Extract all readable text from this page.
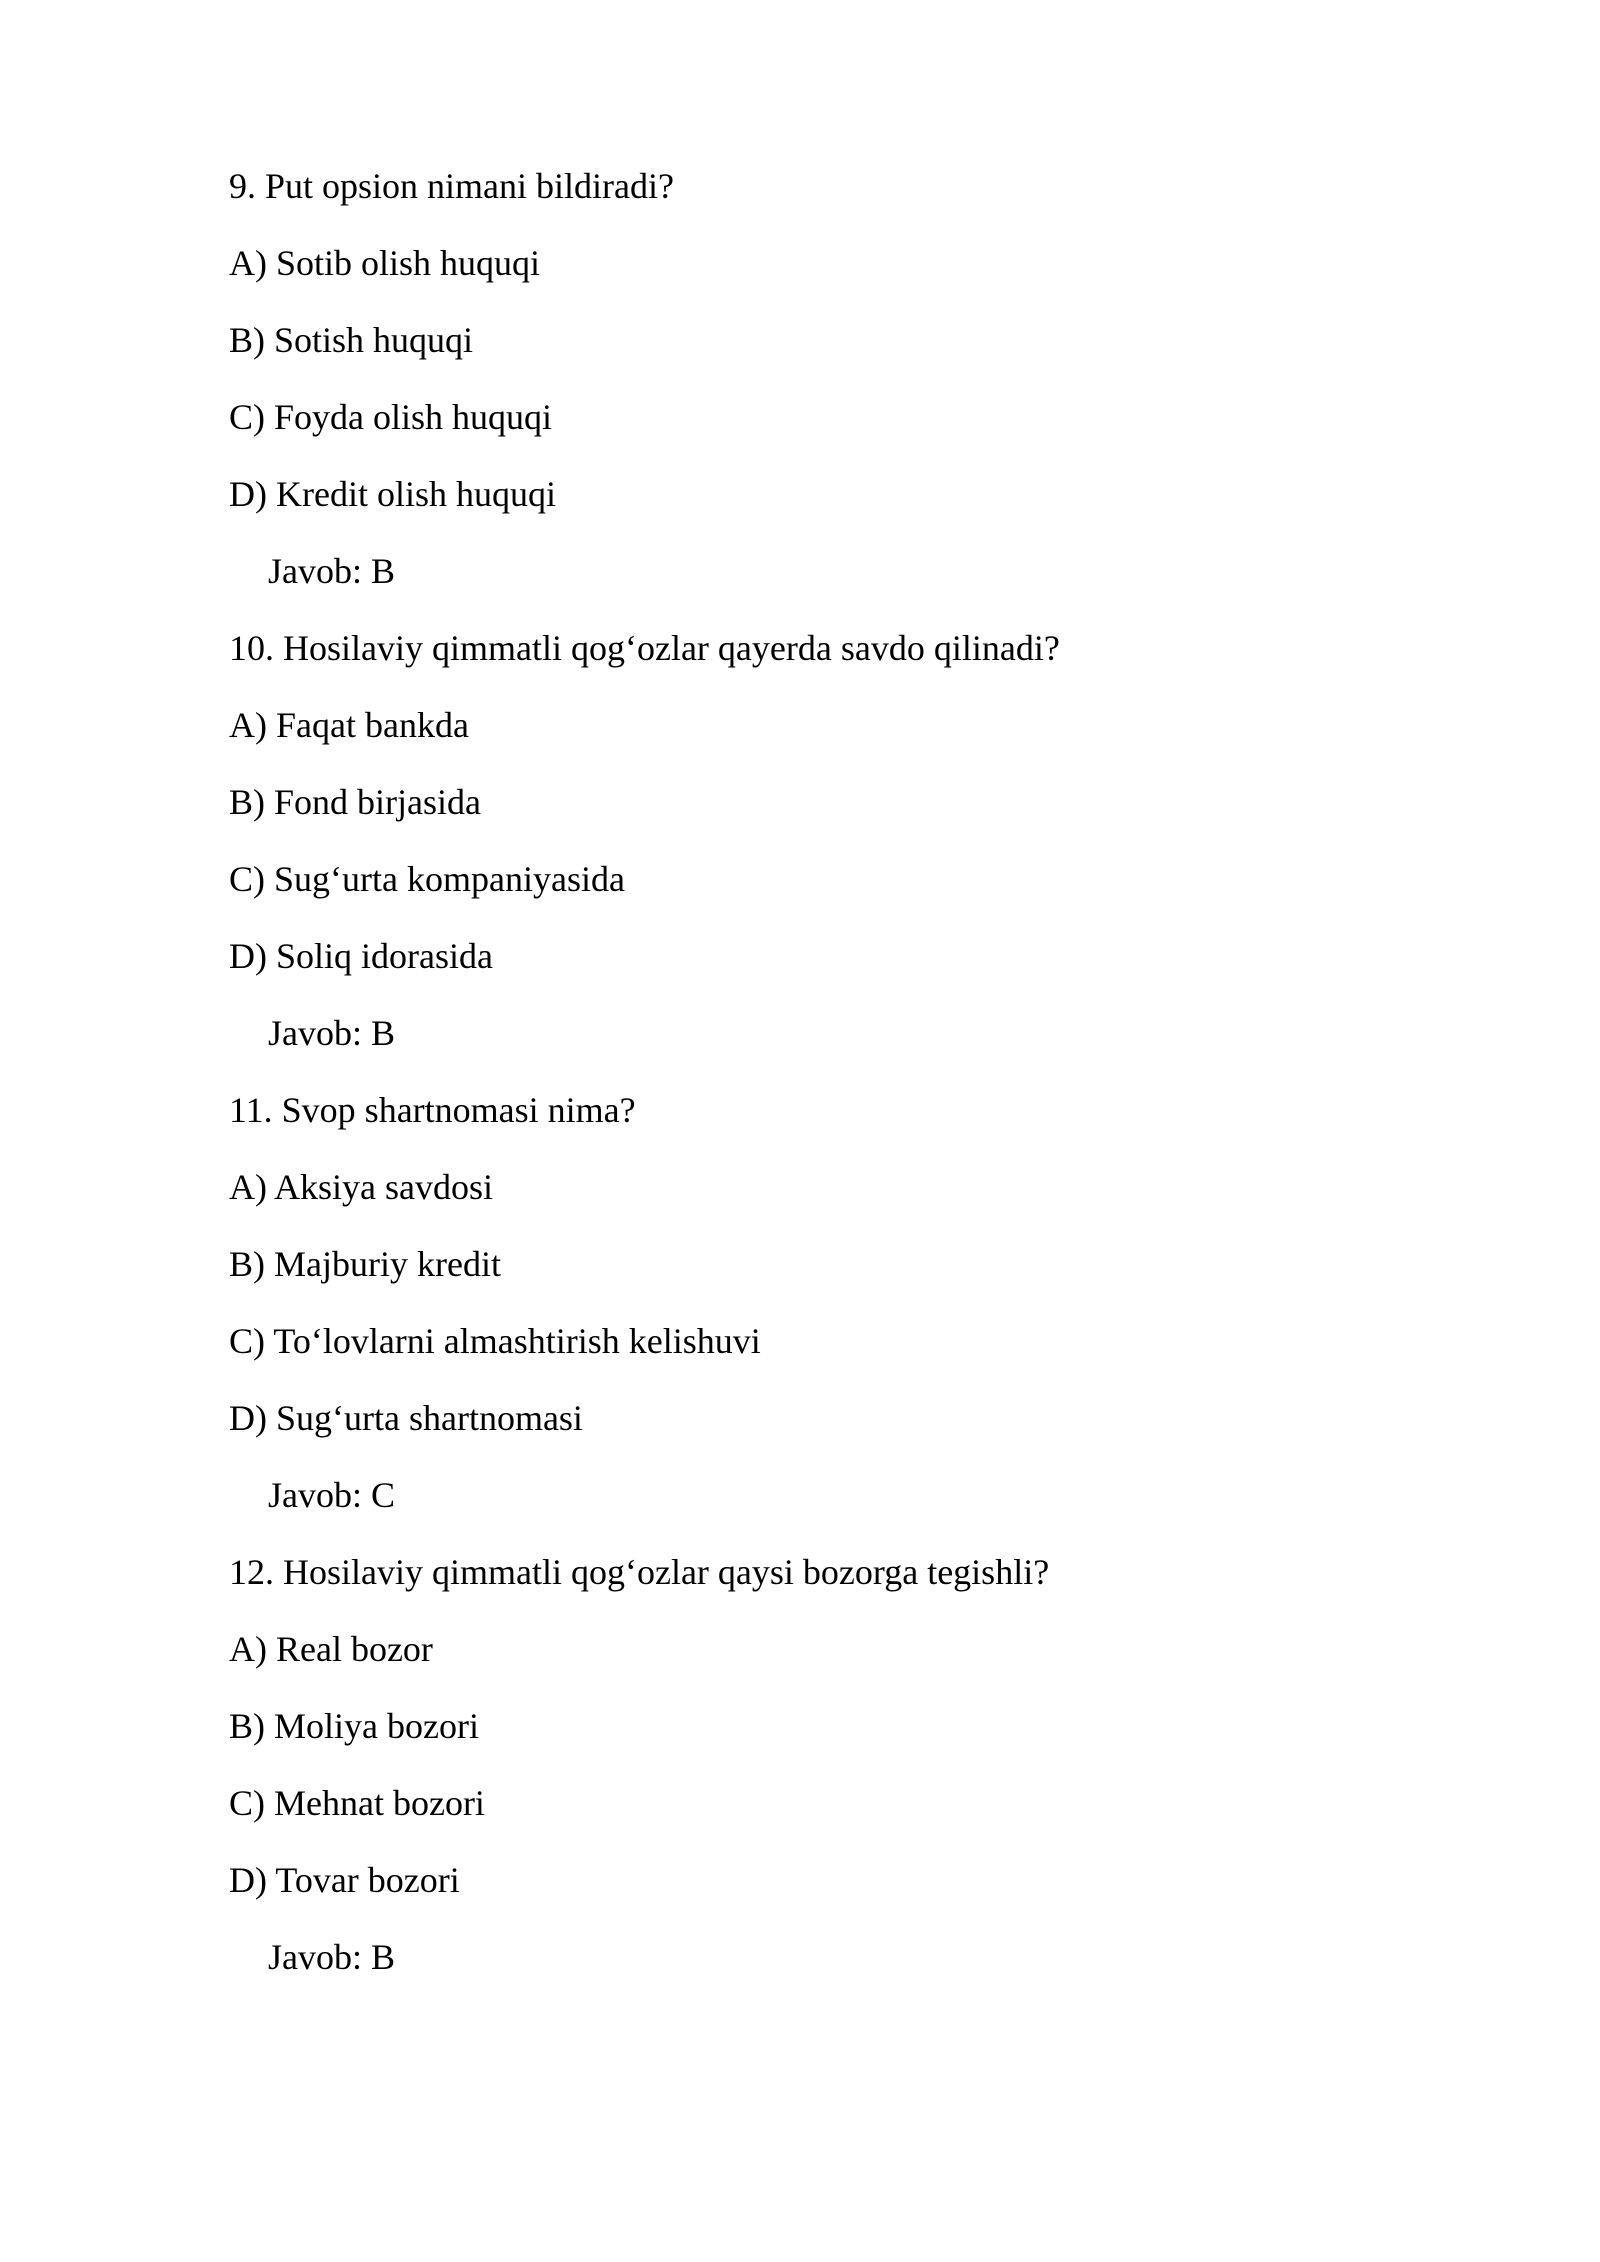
9. Put opsion nimani bildiradi?
A) Sotib olish huquqi
B) Sotish huquqi
C) Foyda olish huquqi
D) Kredit olish huquqi
Javob: B
10. Hosilaviy qimmatli qog‘ozlar qayerda savdo qilinadi?
A) Faqat bankda
B) Fond birjasida
C) Sug‘urta kompaniyasida
D) Soliq idorasida
Javob: B
11. Svop shartnomasi nima?
A) Aksiya savdosi
B) Majburiy kredit
C) To‘lovlarni almashtirish kelishuvi
D) Sug‘urta shartnomasi
Javob: C
12. Hosilaviy qimmatli qog‘ozlar qaysi bozorga tegishli?
A) Real bozor
B) Moliya bozori
C) Mehnat bozori
D) Tovar bozori
Javob: B
